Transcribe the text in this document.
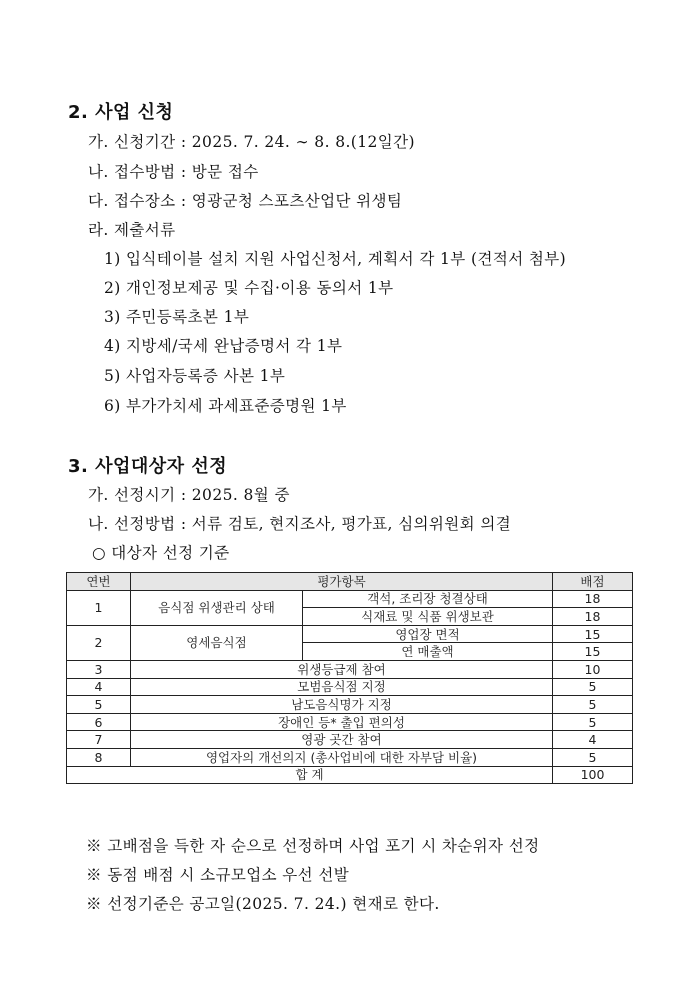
2. 사업 신청
가. 신청기간 : 2025. 7. 24. ∼ 8. 8.(12일간)
나. 접수방법 : 방문 접수
다. 접수장소 : 영광군청 스포츠산업단 위생팀
라. 제출서류
1) 입식테이블 설치 지원 사업신청서, 계획서 각 1부 (견적서 첨부)
2) 개인정보제공 및 수집·이용 동의서 1부
3) 주민등록초본 1부
4) 지방세/국세 완납증명서 각 1부
5) 사업자등록증 사본 1부
6) 부가가치세 과세표준증명원 1부
3. 사업대상자 선정
가. 선정시기 : 2025. 8월 중
나. 선정방법 : 서류 검토, 현지조사, 평가표, 심의위원회 의결
○ 대상자 선정 기준
연번	평가항목		배점
1	음식점 위생관리 상태	객석, 조리장 청결상태	18
		식재료 및 식품 위생보관	18
2	영세음식점	영업장 면적	15
		연 매출액	15
3	위생등급제 참여		10
4	모범음식점 지정		5
5	남도음식명가 지정		5
6	장애인 등* 출입 편의성		5
7	영광 곳간 참여		4
8	영업자의 개선의지 (총사업비에 대한 자부담 비율)		5
합 계			100
※ 고배점을 득한 자 순으로 선정하며 사업 포기 시 차순위자 선정
※ 동점 배점 시 소규모업소 우선 선발
※ 선정기준은 공고일(2025. 7. 24.) 현재로 한다.
